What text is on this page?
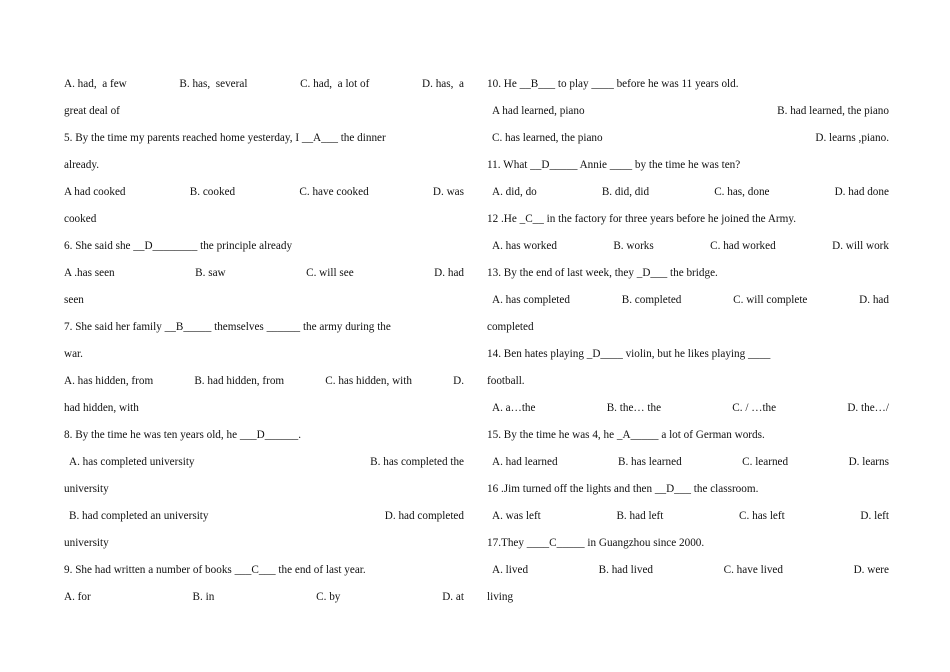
A. had,  a few	B. has,  several	C. had,  a lot of	D. has,  a
great deal of
5. By the time my parents reached home yesterday, I __A___ the dinner
already.
A had cooked	B. cooked	C. have cooked	D. was
cooked
6. She said she __D________ the principle already
A .has seen	B. saw	C. will see	D. had
seen
7. She said her family __B_____ themselves ______ the army during the
war.
A. has hidden, from	B. had hidden, from	C. has hidden, with	D.
had hidden, with
8. By the time he was ten years old, he ___D______.
A. has completed university	B. has completed the
university
B. had completed an university	D. had completed
university
9. She had written a number of books ___C___ the end of last year.
A. for	B. in	C. by	D. at
10. He __B___ to play ____ before he was 11 years old.
A had learned, piano	B. had learned, the piano
C. has learned, the piano	D. learns ,piano.
11. What __D_____ Annie ____ by the time he was ten?
A. did, do	B. did, did	C. has, done	D. had done
12 .He _C__ in the factory for three years before he joined the Army.
A. has worked	B. works	C. had worked	D. will work
13. By the end of last week, they _D___ the bridge.
A. has completed	B. completed	C. will complete	D. had
completed
14. Ben hates playing _D____ violin, but he likes playing ____
football.
A. a…the	B. the… the	C. / …the	D. the…/
15. By the time he was 4, he _A_____ a lot of German words.
A. had learned	B. has learned	C. learned	D. learns
16 .Jim turned off the lights and then __D___ the classroom.
A. was left	B. had left	C. has left	D. left
17.They ____C_____ in Guangzhou since 2000.
A. lived	B. had lived	C. have lived	D. were
living
